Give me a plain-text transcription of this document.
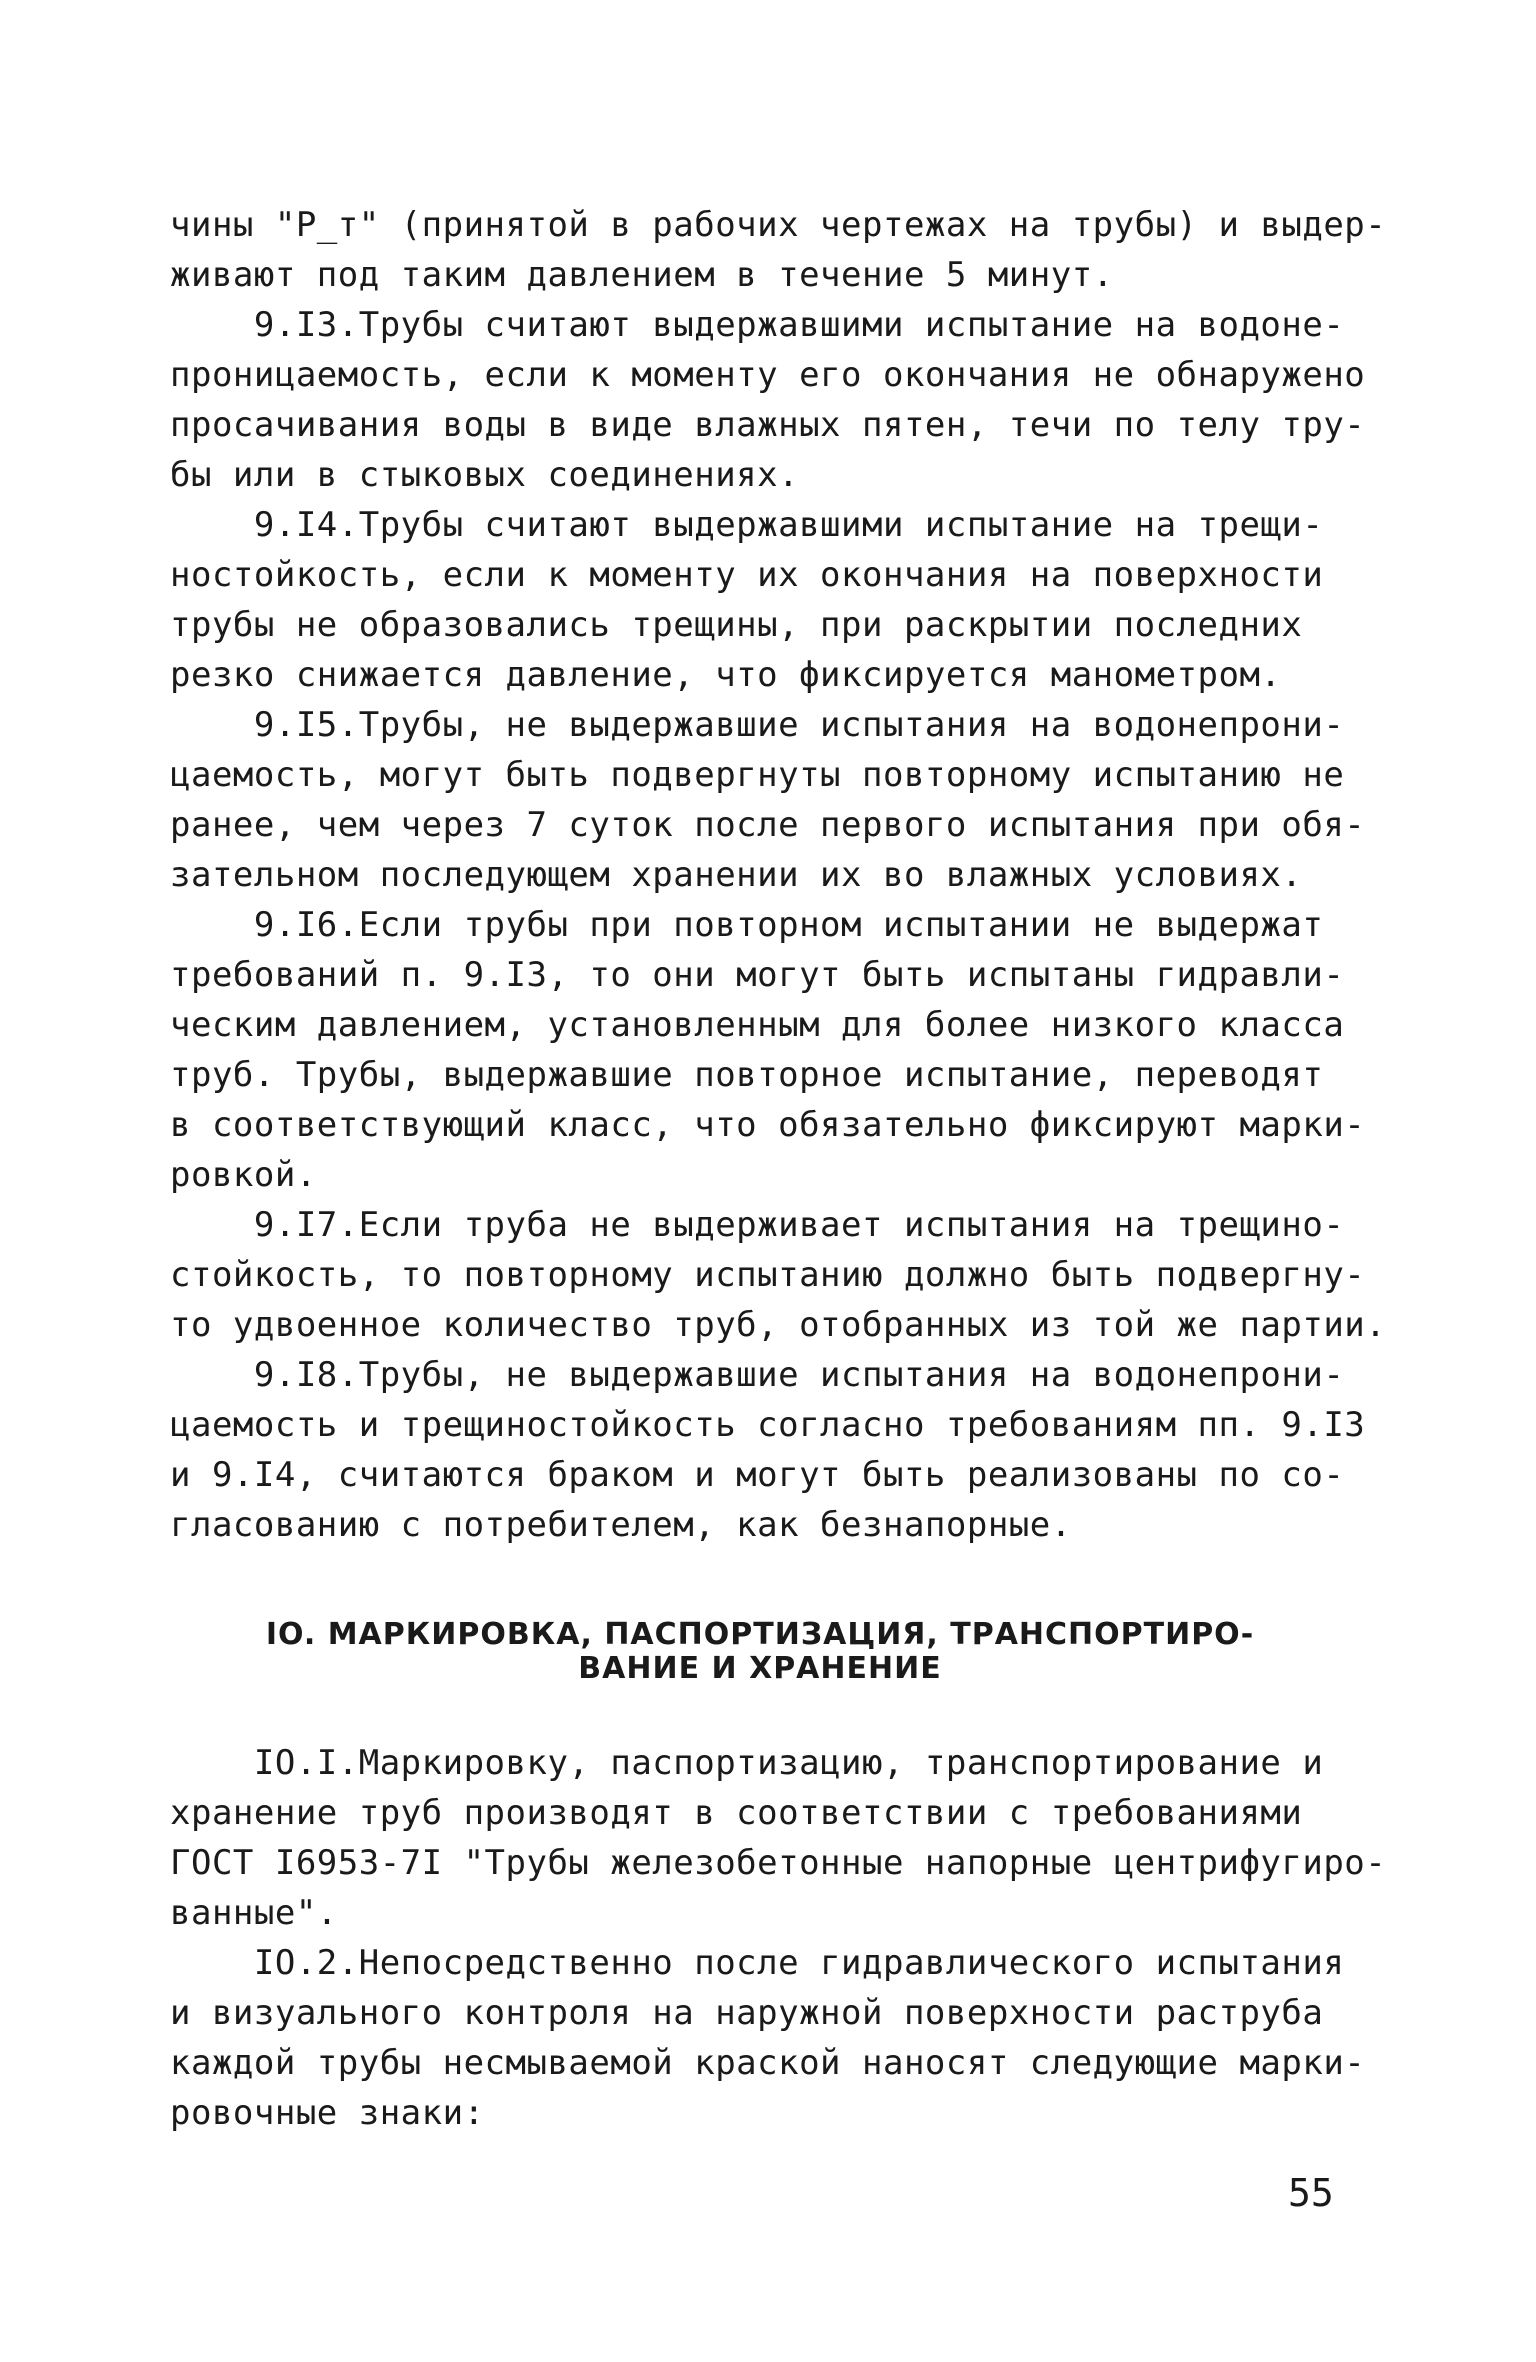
чины "Р_т" (принятой в рабочих чертежах на трубы) и выдер-
живают под таким давлением в течение 5 минут.
9.I3.Трубы считают выдержавшими испытание на водоне-
проницаемость, если к моменту его окончания не обнаружено
просачивания воды в виде влажных пятен, течи по телу тру-
бы или в стыковых соединениях.
9.I4.Трубы считают выдержавшими испытание на трещи-
ностойкость, если к моменту их окончания на поверхности
трубы не образовались трещины, при раскрытии последних
резко снижается давление, что фиксируется манометром.
9.I5.Трубы, не выдержавшие испытания на водонепрони-
цаемость, могут быть подвергнуты повторному испытанию не
ранее, чем через 7 суток после первого испытания при обя-
зательном последующем хранении их во влажных условиях.
9.I6.Если трубы при повторном испытании не выдержат
требований п. 9.I3, то они могут быть испытаны гидравли-
ческим давлением, установленным для более низкого класса
труб. Трубы, выдержавшие повторное испытание, переводят
в соответствующий класс, что обязательно фиксируют марки-
ровкой.
9.I7.Если труба не выдерживает испытания на трещино-
стойкость, то повторному испытанию должно быть подвергну-
то удвоенное количество труб, отобранных из той же партии.
9.I8.Трубы, не выдержавшие испытания на водонепрони-
цаемость и трещиностойкость согласно требованиям пп. 9.I3
и 9.I4, считаются браком и могут быть реализованы по со-
гласованию с потребителем, как безнапорные.
IO. МАРКИРОВКА, ПАСПОРТИЗАЦИЯ, ТРАНСПОРТИРО-
ВАНИЕ И ХРАНЕНИЕ
IO.I.Маркировку, паспортизацию, транспортирование и
хранение труб производят в соответствии с требованиями
ГОСТ I6953-7I "Трубы железобетонные напорные центрифугиро-
ванные".
IO.2.Непосредственно после гидравлического испытания
и визуального контроля на наружной поверхности раструба
каждой трубы несмываемой краской наносят следующие марки-
ровочные знаки:
55
